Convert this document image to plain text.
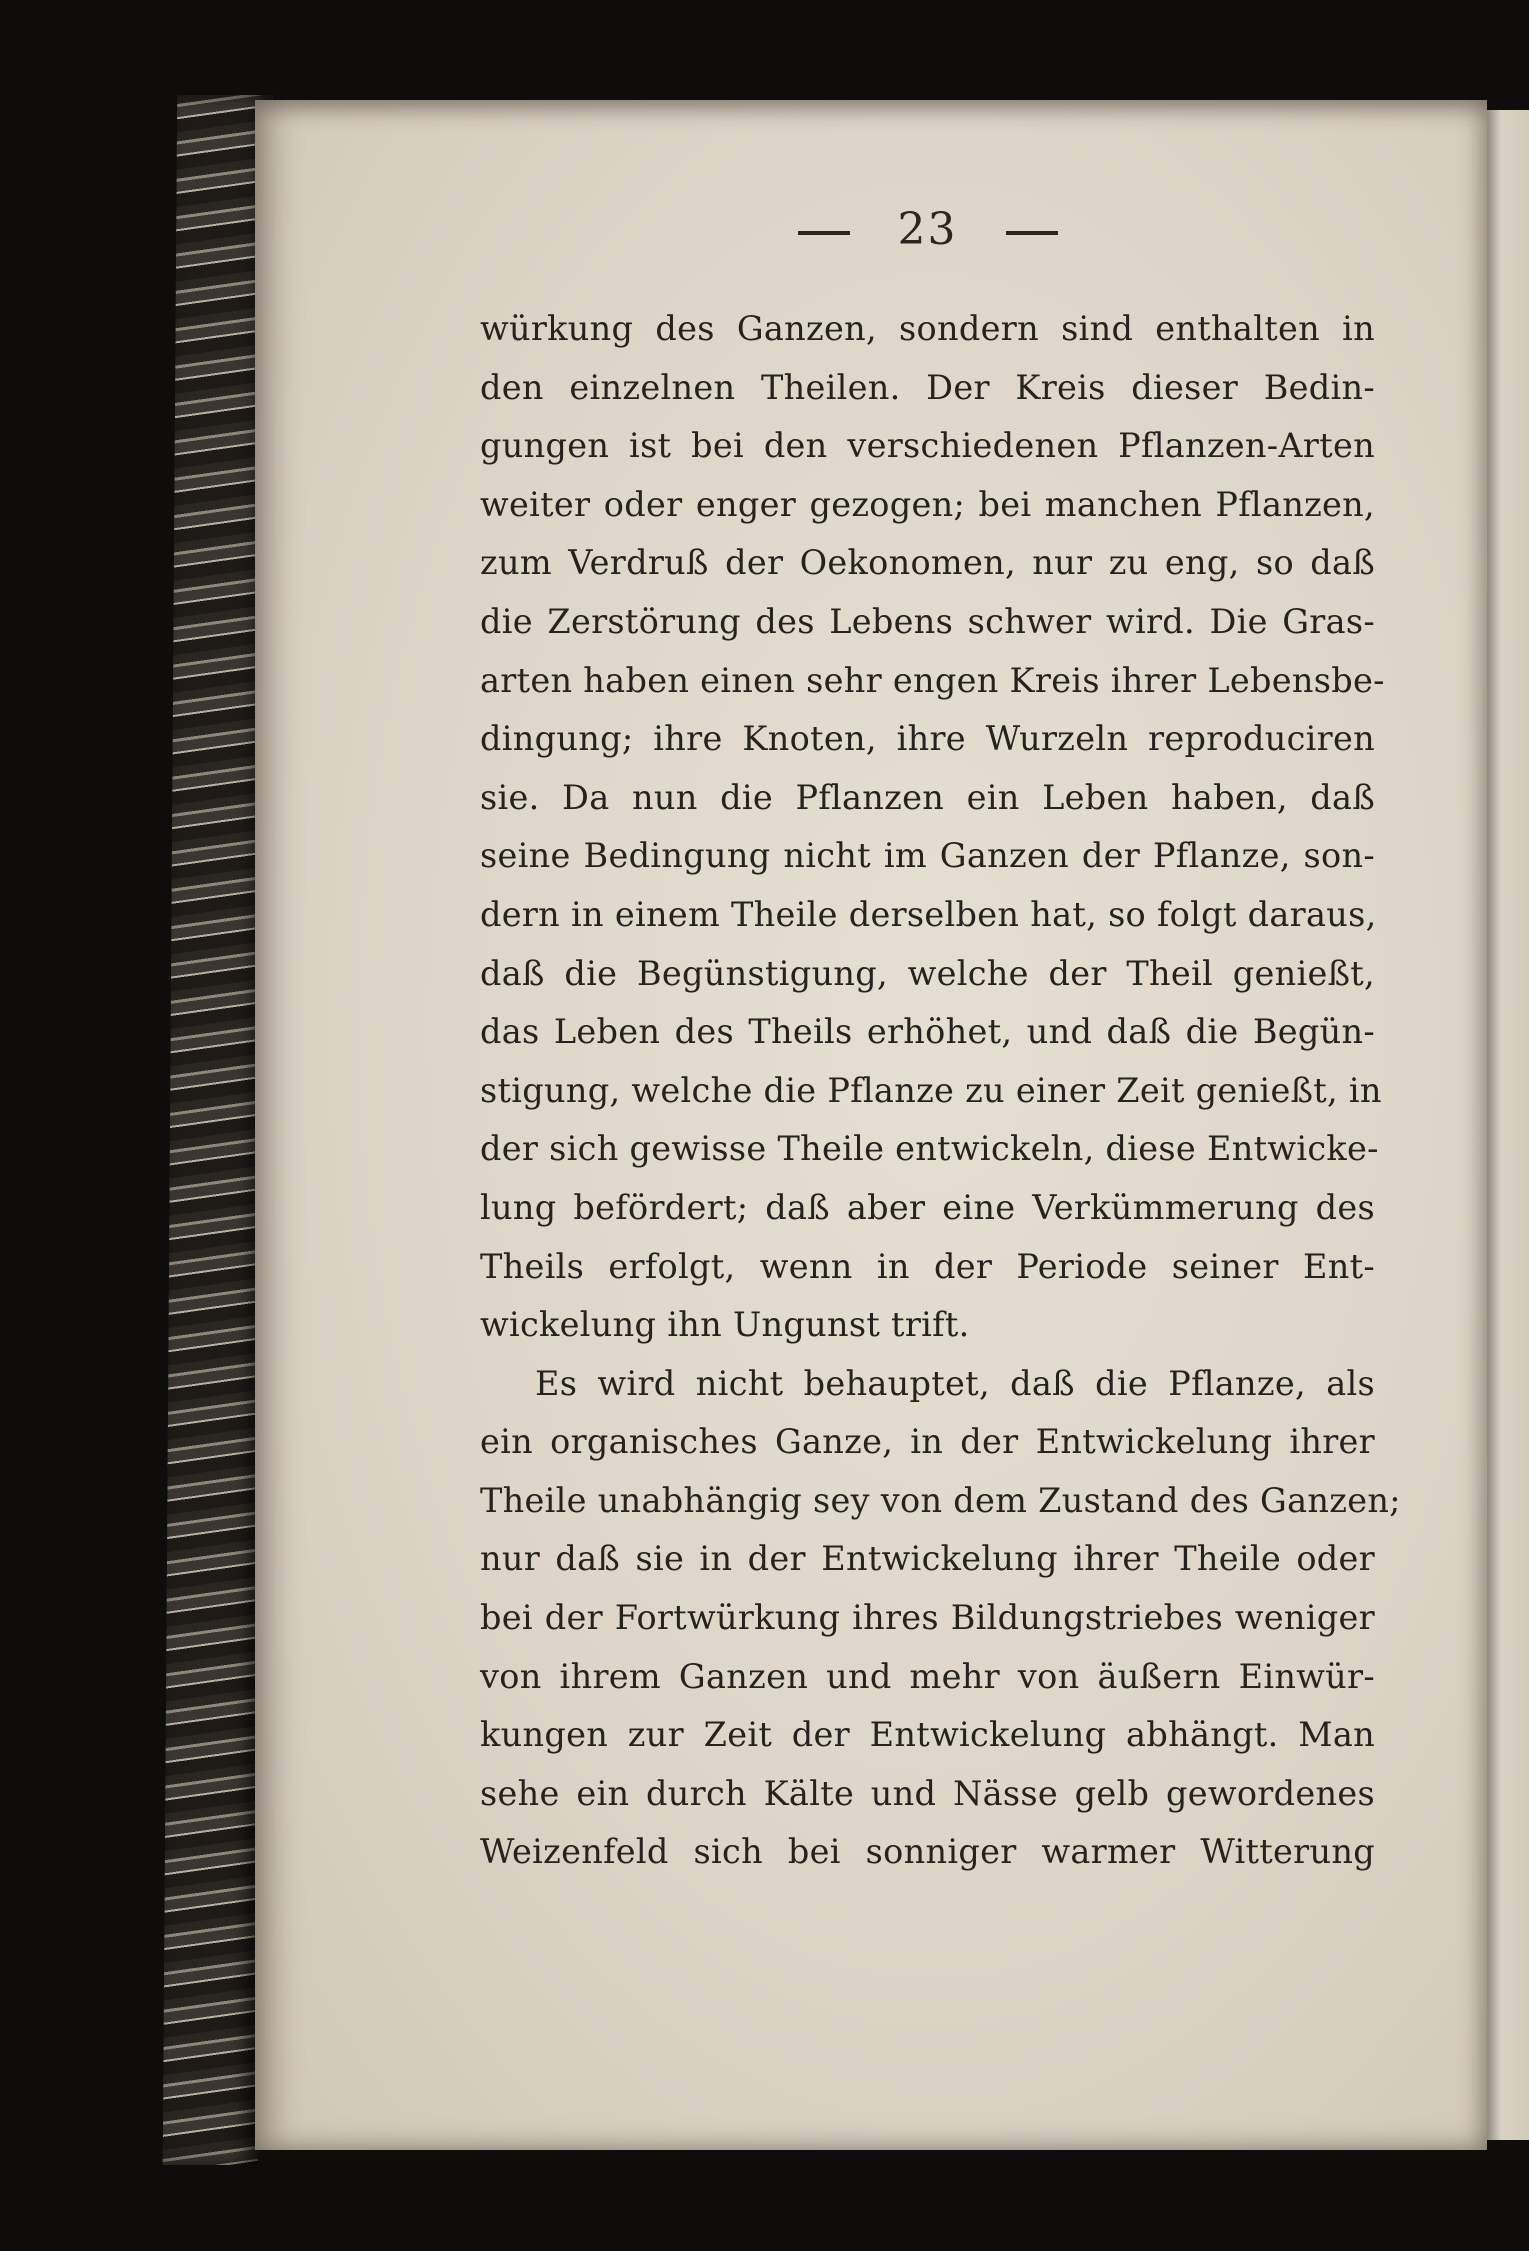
23
würkung des Ganzen, sondern sind enthalten in
den einzelnen Theilen. Der Kreis dieser Bedin-
gungen ist bei den verschiedenen Pflanzen-Arten
weiter oder enger gezogen; bei manchen Pflanzen,
zum Verdruß der Oekonomen, nur zu eng, so daß
die Zerstörung des Lebens schwer wird. Die Gras-
arten haben einen sehr engen Kreis ihrer Lebensbe-
dingung; ihre Knoten, ihre Wurzeln reproduciren
sie. Da nun die Pflanzen ein Leben haben, daß
seine Bedingung nicht im Ganzen der Pflanze, son-
dern in einem Theile derselben hat, so folgt daraus,
daß die Begünstigung, welche der Theil genießt,
das Leben des Theils erhöhet, und daß die Begün-
stigung, welche die Pflanze zu einer Zeit genießt, in
der sich gewisse Theile entwickeln, diese Entwicke-
lung befördert; daß aber eine Verkümmerung des
Theils erfolgt, wenn in der Periode seiner Ent-
wickelung ihn Ungunst trift.
Es wird nicht behauptet, daß die Pflanze, als
ein organisches Ganze, in der Entwickelung ihrer
Theile unabhängig sey von dem Zustand des Ganzen;
nur daß sie in der Entwickelung ihrer Theile oder
bei der Fortwürkung ihres Bildungstriebes weniger
von ihrem Ganzen und mehr von äußern Einwür-
kungen zur Zeit der Entwickelung abhängt. Man
sehe ein durch Kälte und Nässe gelb gewordenes
Weizenfeld sich bei sonniger warmer Witterung
